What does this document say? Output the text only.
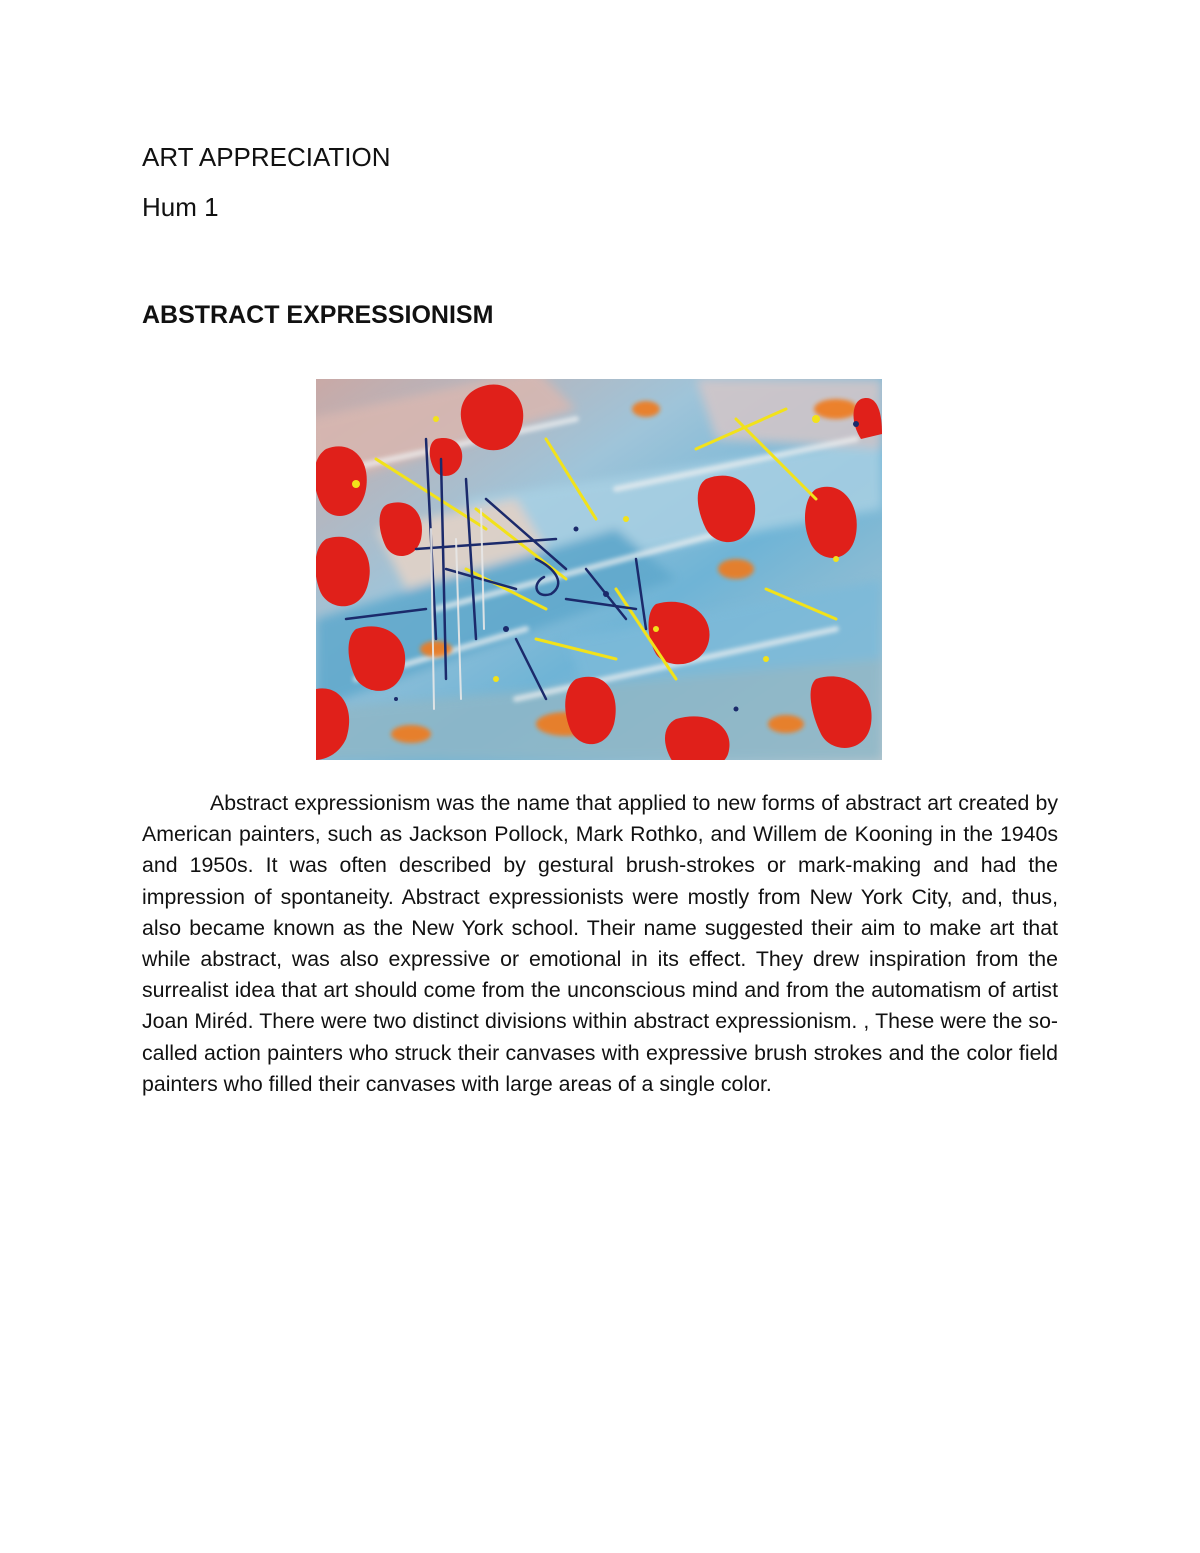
ART APPRECIATION
Hum 1
ABSTRACT EXPRESSIONISM

Abstract expressionism was the name that applied to new forms of abstract art created by American painters, such as Jackson Pollock, Mark Rothko, and Willem de Kooning in the 1940s and 1950s. It was often described by gestural brush-strokes or mark-making and had the impression of spontaneity. Abstract expressionists were mostly from New York City, and, thus, also became known as the New York school. Their name suggested their aim to make art that while abstract, was also expressive or emotional in its effect. They drew inspiration from the surrealist idea that art should come from the unconscious mind and from the automatism of artist Joan Miréd. There were two distinct divisions within abstract expressionism. , These were the so-called action painters who struck their canvases with expressive brush strokes and the color field painters who filled their canvases with large areas of a single color.
